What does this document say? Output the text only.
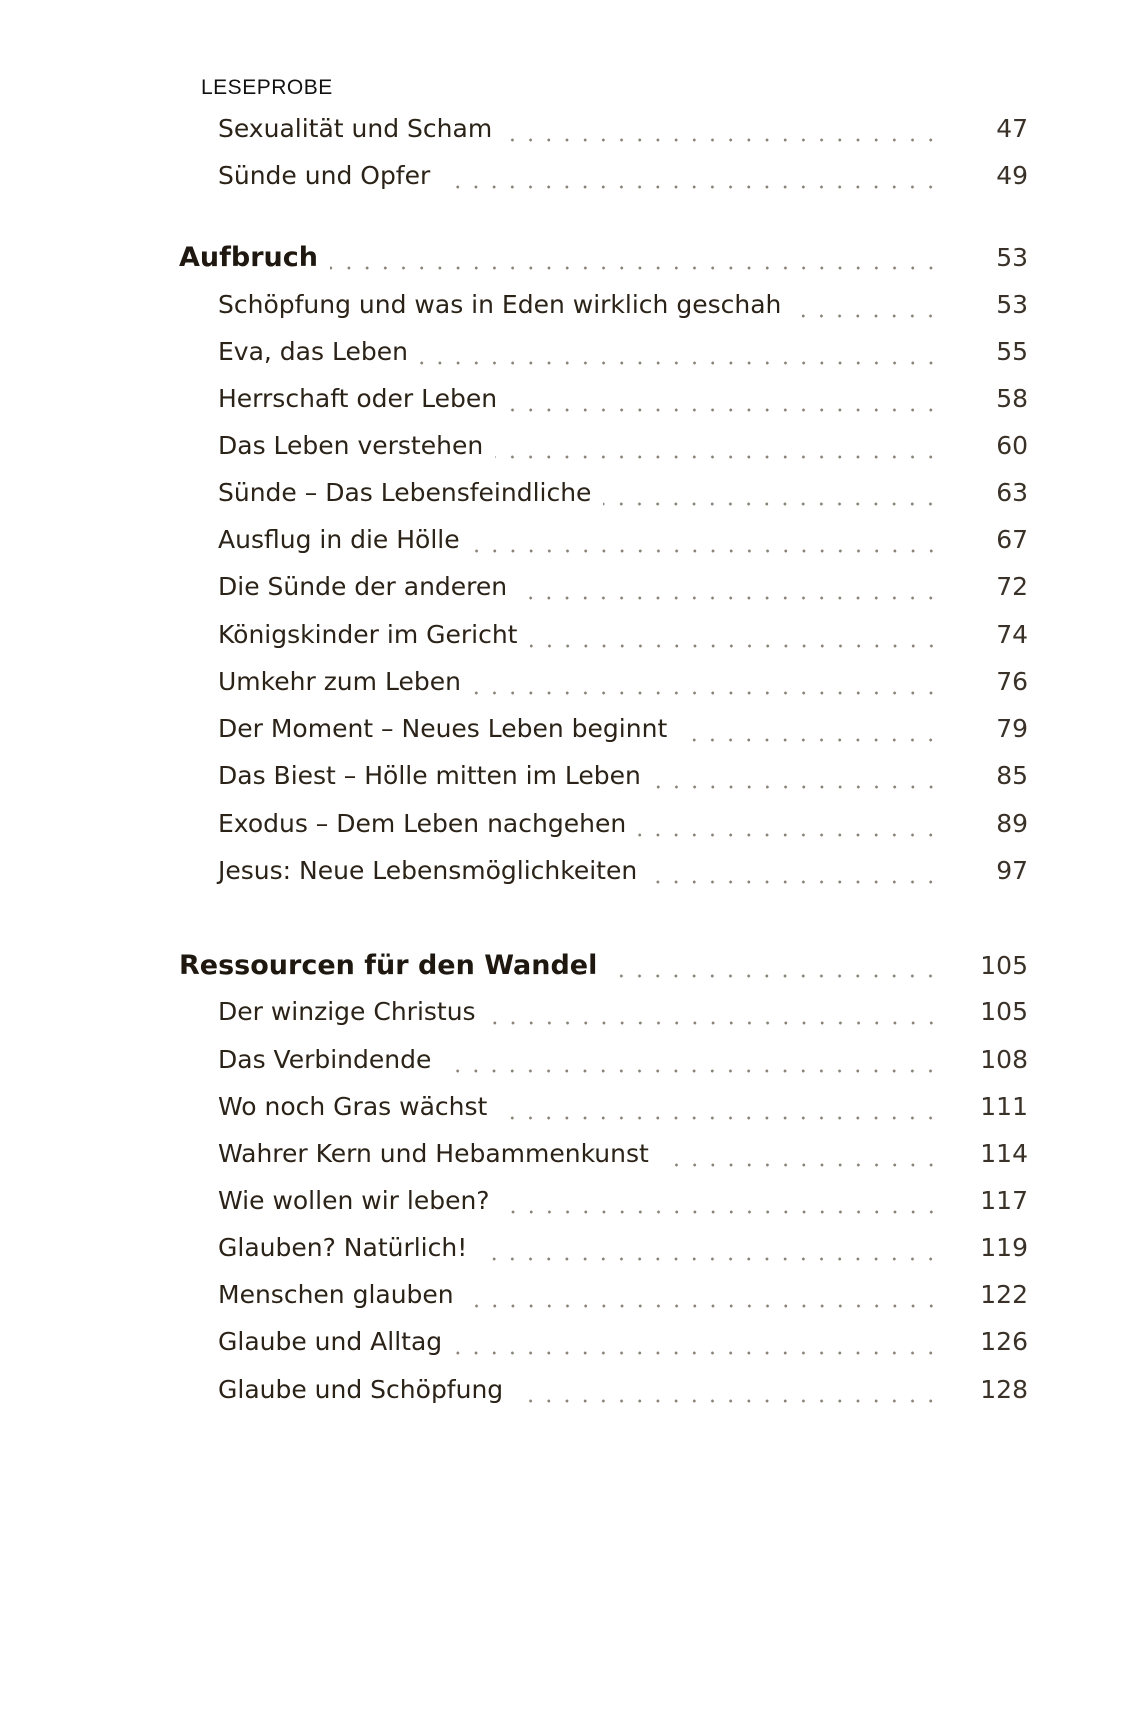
LESEPROBE
Sexualität und Scham	47
Sünde und Opfer	49
Aufbruch	53
Schöpfung und was in Eden wirklich geschah	53
Eva, das Leben	55
Herrschaft oder Leben	58
Das Leben verstehen	60
Sünde – Das Lebensfeindliche	63
Ausflug in die Hölle	67
Die Sünde der anderen	72
Königskinder im Gericht	74
Umkehr zum Leben	76
Der Moment – Neues Leben beginnt	79
Das Biest – Hölle mitten im Leben	85
Exodus – Dem Leben nachgehen	89
Jesus: Neue Lebensmöglichkeiten	97
Ressourcen für den Wandel	105
Der winzige Christus	105
Das Verbindende	108
Wo noch Gras wächst	111
Wahrer Kern und Hebammenkunst	114
Wie wollen wir leben?	117
Glauben? Natürlich!	119
Menschen glauben	122
Glaube und Alltag	126
Glaube und Schöpfung	128
